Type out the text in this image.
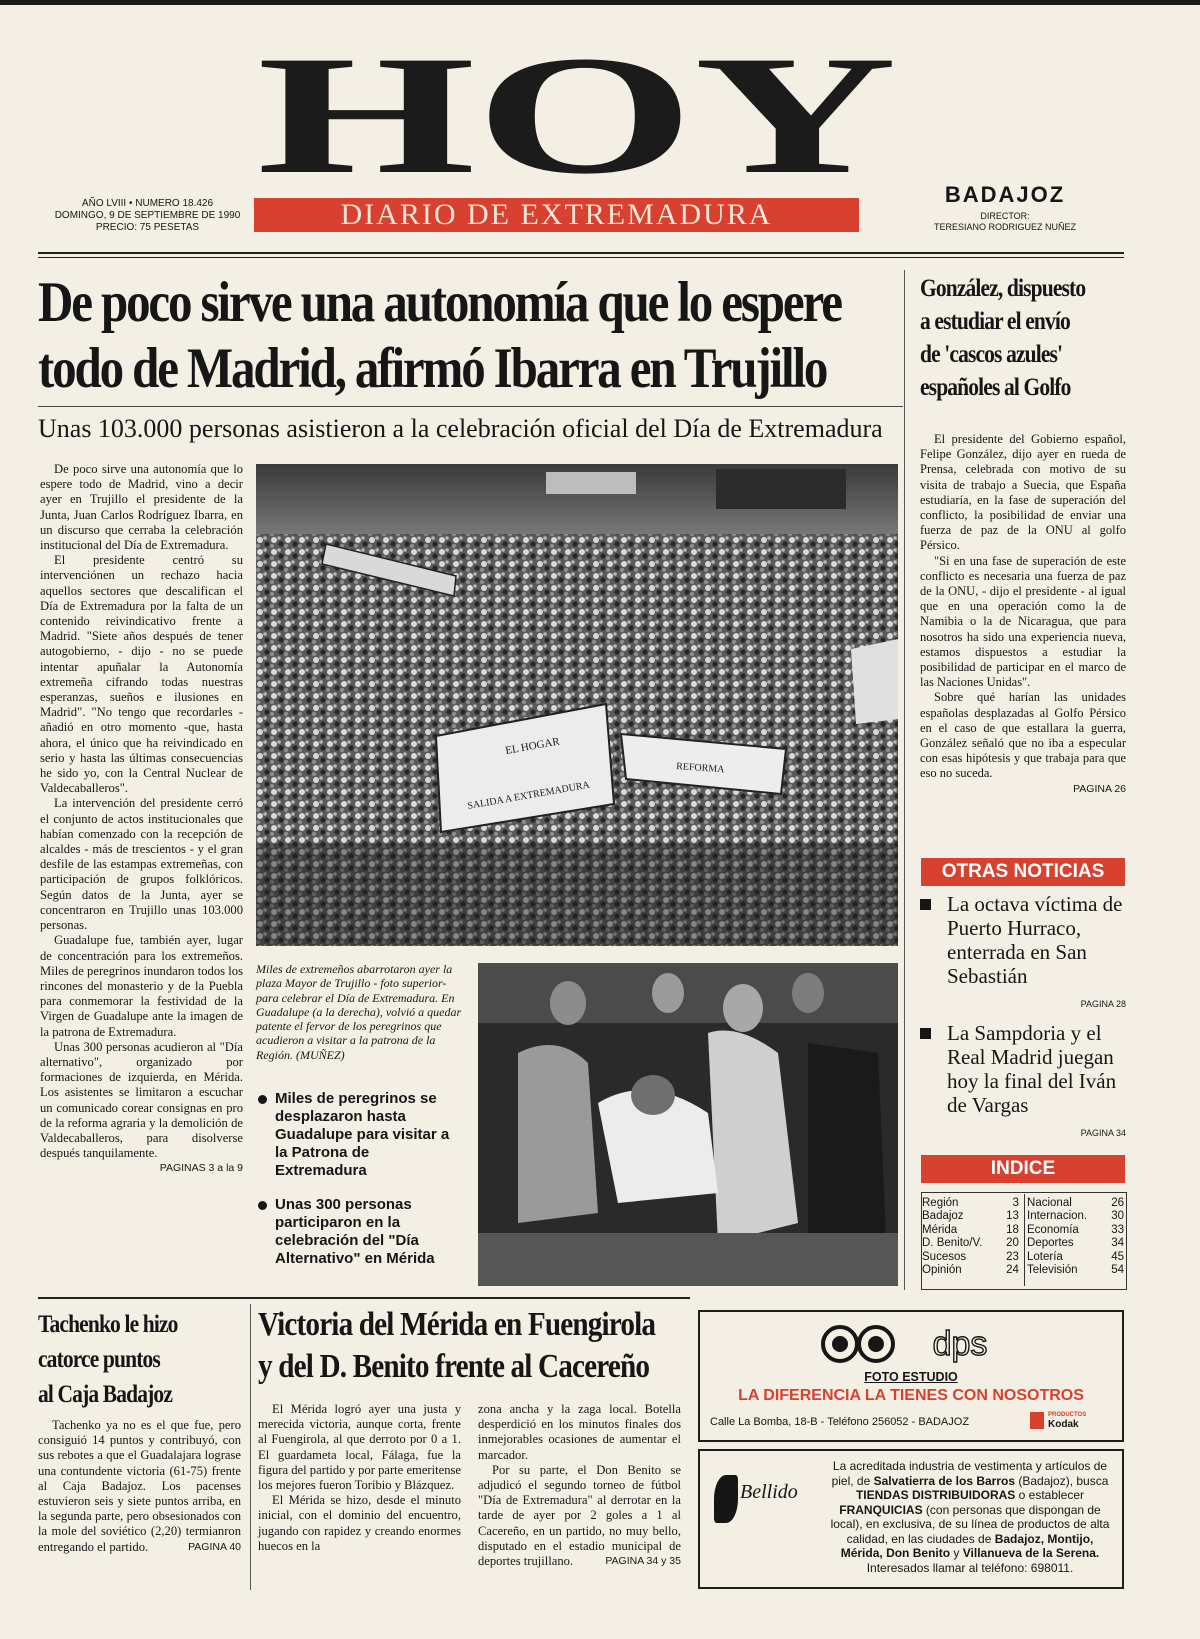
HOY
AÑO LVIII • NUMERO 18.426
DOMINGO, 9 DE SEPTIEMBRE DE 1990
PRECIO: 75 PESETAS	DIARIO DE EXTREMADURA
BADAJOZ
DIRECTOR:
TERESIANO RODRIGUEZ NUÑEZ
De poco sirve una autonomía que lo espere
todo de Madrid, afirmó Ibarra en Trujillo
Unas 103.000 personas asistieron a la celebración oficial del Día de Extremadura

De poco sirve una autonomía que lo espere todo de Madrid, vino a decir ayer en Trujillo el presidente de la Junta, Juan Carlos Rodríguez Ibarra, en un discurso que cerraba la celebración institucional del Día de Extremadura.

El presidente centró su intervenciónen un rechazo hacia aquellos sectores que descalifican el Día de Extremadura por la falta de un contenido reivindicativo frente a Madrid. "Siete años después de tener autogobierno, - dijo - no se puede intentar apuñalar la Autonomía extremeña cifrando todas nuestras esperanzas, sueños e ilusiones en Madrid". "No tengo que recordarles - añadió en otro momento -que, hasta ahora, el único que ha reivindicado en serio y hasta las últimas consecuencias he sido yo, con la Central Nuclear de Valdecaballeros".

La intervención del presidente cerró el conjunto de actos institucionales que habían comenzado con la recepción de alcaldes - más de trescientos - y el gran desfile de las estampas extremeñas, con participación de grupos folklóricos. Según datos de la Junta, ayer se concentraron en Trujillo unas 103.000 personas.

Guadalupe fue, también ayer, lugar de concentración para los extremeños. Miles de peregrinos inundaron todos los rincones del monasterio y de la Puebla para conmemorar la festividad de la Virgen de Guadalupe ante la imagen de la patrona de Extremadura.

Unas 300 personas acudieron al "Día alternativo", organizado por formaciones de izquierda, en Mérida. Los asistentes se limitaron a escuchar un comunicado corear consignas en pro de la reforma agraria y la demolición de Valdecaballeros, para disolverse después tanquilamente.

PAGINAS 3 a la 9
EL HOGAR
SALIDA A EXTREMADURA
REFORMA
Miles de extremeños abarrotaron ayer la plaza Mayor de Trujillo - foto superior- para celebrar el Día de Extremadura. En Guadalupe (a la derecha), volvió a quedar patente el fervor de los peregrinos que acudieron a visitar a la patrona de la Región. (MUÑEZ)
Miles de peregrinos se desplazaron hasta Guadalupe para visitar a la Patrona de Extremadura
Unas 300 personas participaron en la celebración del "Día Alternativo" en Mérida
González, dispuesto
a estudiar el envío
de 'cascos azules'
españoles al Golfo

El presidente del Gobierno español, Felipe González, dijo ayer en rueda de Prensa, celebrada con motivo de su visita de trabajo a Suecia, que España estudiaría, en la fase de superación del conflicto, la posibilidad de enviar una fuerza de paz de la ONU al golfo Pérsico.

"Si en una fase de superación de este conflicto es necesaria una fuerza de paz de la ONU, - dijo el presidente - al igual que en una operación como la de Namibia o la de Nicaragua, que para nosotros ha sido una experiencia nueva, estamos dispuestos a estudiar la posibilidad de participar en el marco de las Naciones Unidas".

Sobre qué harían las unidades españolas desplazadas al Golfo Pérsico en el caso de que estallara la guerra, González señaló que no iba a especular con esas hipótesis y que trabaja para que eso no suceda.

PAGINA 26
OTRAS NOTICIAS
La octava víctima de Puerto Hurraco, enterrada en San Sebastián
PAGINA 28
La Sampdoria y el Real Madrid juegan hoy la final del Iván de Vargas
PAGINA 34
INDICE
Región	3		Nacional	26
Badajoz	13		Internacion.	30
Mérida	18		Economía	33
D. Benito/V.	20		Deportes	34
Sucesos	23		Lotería	45
Opinión	24		Televisión	54
Tachenko le hizo
catorce puntos
al Caja Badajoz

Tachenko ya no es el que fue, pero consiguió 14 puntos y contribuyó, con sus rebotes a que el Guadalajara lograse una contundente victoria (61-75) frente al Caja Badajoz. Los pacenses estuvieron seis y siete puntos arriba, en la segunda parte, pero obsesionados con la mole del soviético (2,20) termianron entregando el partido.	PAGINA 40
Victoria del Mérida en Fuengirola
y del D. Benito frente al Cacereño

El Mérida logró ayer una justa y merecida victoria, aunque corta, frente al Fuengirola, al que derroto por 0 a 1. El guardameta local, Fálaga, fue la figura del partido y por parte emeritense los mejores fueron Toribio y Blázquez.

El Mérida se hizo, desde el minuto inicial, con el dominio del encuentro, jugando con rapidez y creando enormes huecos en la

zona ancha y la zaga local. Botella desperdició en los minutos finales dos inmejorables ocasiones de aumentar el marcador.

Por su parte, el Don Benito se adjudicó el segundo torneo de fútbol "Día de Extremadura" al derrotar en la tarde de ayer por 2 goles a 1 al Cacereño, en un partido, no muy bello, disputado en el estadio municipal de deportes trujillano.	PAGINA 34 y 35
dps
FOTO ESTUDIO
LA DIFERENCIA LA TIENES CON NOSOTROS
Calle La Bomba, 18-B - Teléfono 256052 - BADAJOZ
PRODUCTOS
Kodak
Bellido
La acreditada industria de vestimenta y artículos de piel, de Salvatierra de los Barros (Badajoz), busca TIENDAS DISTRIBUIDORAS o establecer FRANQUICIAS (con personas que dispongan de local), en exclusiva, de su línea de productos de alta calidad, en las ciudades de Badajoz, Montijo, Mérida, Don Benito y Villanueva de la Serena. Interesados llamar al teléfono: 698011.
